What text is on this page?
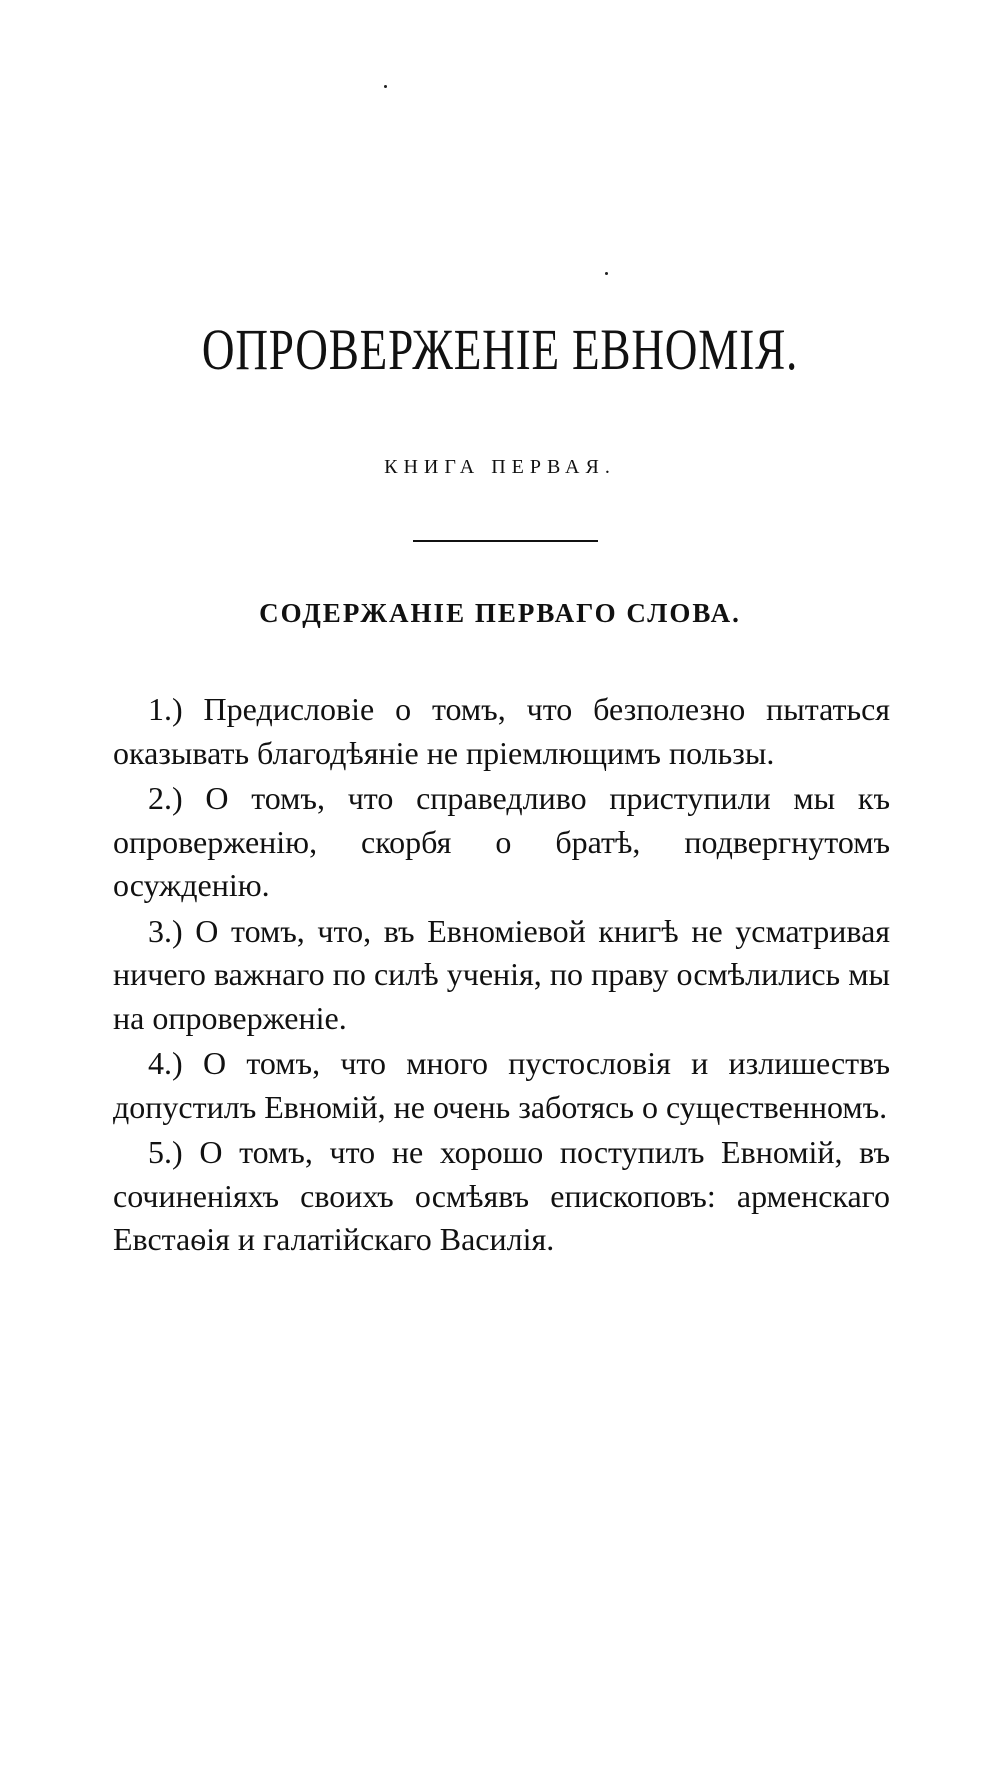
ОПРОВЕРЖЕНІЕ ЕВНОМІЯ.
КНИГА ПЕРВАЯ.
СОДЕРЖАНІЕ ПЕРВАГО СЛОВА.

1.) Предисловіе о томъ, что безполезно пытаться оказывать благодѣяніе не пріемлющимъ пользы.

2.) О томъ, что справедливо приступили мы къ опроверженію, скорбя о братѣ, подвергнутомъ осужденію.

3.) О томъ, что, въ Евноміевой книгѣ не усматривая ничего важнаго по силѣ ученія, по праву осмѣлились мы на опроверженіе.

4.) О томъ, что много пустословія и излишествъ допустилъ Евномій, не очень заботясь о существенномъ.

5.) О томъ, что не хорошо поступилъ Евномій, въ сочиненіяхъ своихъ осмѣявъ епископовъ: арменскаго Евстаѳія и галатійскаго Василія.
